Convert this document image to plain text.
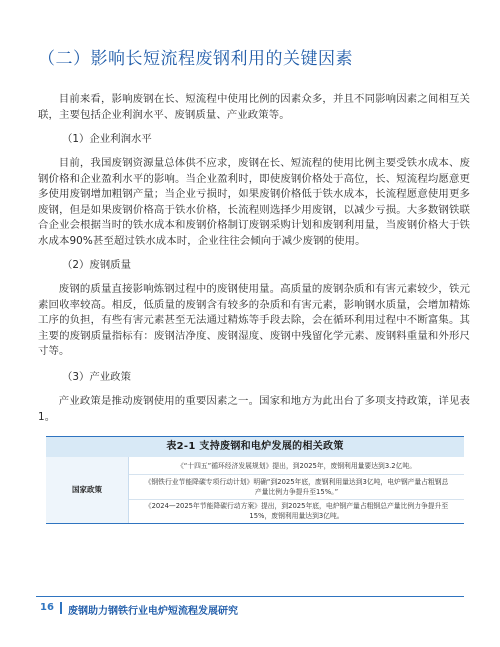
（二）影响长短流程废钢利用的关键因素

目前来看，影响废钢在长、短流程中使用比例的因素众多，并且不同影响因素之间相互关联，主要包括企业利润水平、废钢质量、产业政策等。

（1）企业利润水平

目前，我国废钢资源量总体供不应求，废钢在长、短流程的使用比例主要受铁水成本、废钢价格和企业盈利水平的影响。当企业盈利时，即使废钢价格处于高位，长、短流程均愿意更多使用废钢增加粗钢产量；当企业亏损时，如果废钢价格低于铁水成本，长流程愿意使用更多废钢，但是如果废钢价格高于铁水价格，长流程则选择少用废钢，以减少亏损。大多数钢铁联合企业会根据当时的铁水成本和废钢价格制订废钢采购计划和废钢利用量，当废钢价格大于铁水成本90%甚至超过铁水成本时，企业往往会倾向于减少废钢的使用。

（2）废钢质量

废钢的质量直接影响炼钢过程中的废钢使用量。高质量的废钢杂质和有害元素较少，铁元素回收率较高。相反，低质量的废钢含有较多的杂质和有害元素，影响钢水质量，会增加精炼工序的负担，有些有害元素甚至无法通过精炼等手段去除，会在循环利用过程中不断富集。其主要的废钢质量指标有：废钢洁净度、废钢湿度、废钢中残留化学元素、废钢料重量和外形尺寸等。

（3）产业政策

产业政策是推动废钢使用的重要因素之一。国家和地方为此出台了多项支持政策，详见表1。

表2-1 支持废钢和电炉发展的相关政策
国家政策
《“十四五”循环经济发展规划》提出，到2025年，废钢利用量要达到3.2亿吨。
《钢铁行业节能降碳专项行动计划》明确“到2025年底，废钢利用量达到3亿吨，电炉钢产量占粗钢总产量比例力争提升至15%。”
《2024—2025年节能降碳行动方案》提出，到2025年底，电炉钢产量占粗钢总产量比例力争提升至15%，废钢利用量达到3亿吨。
16 废钢助力钢铁行业电炉短流程发展研究
